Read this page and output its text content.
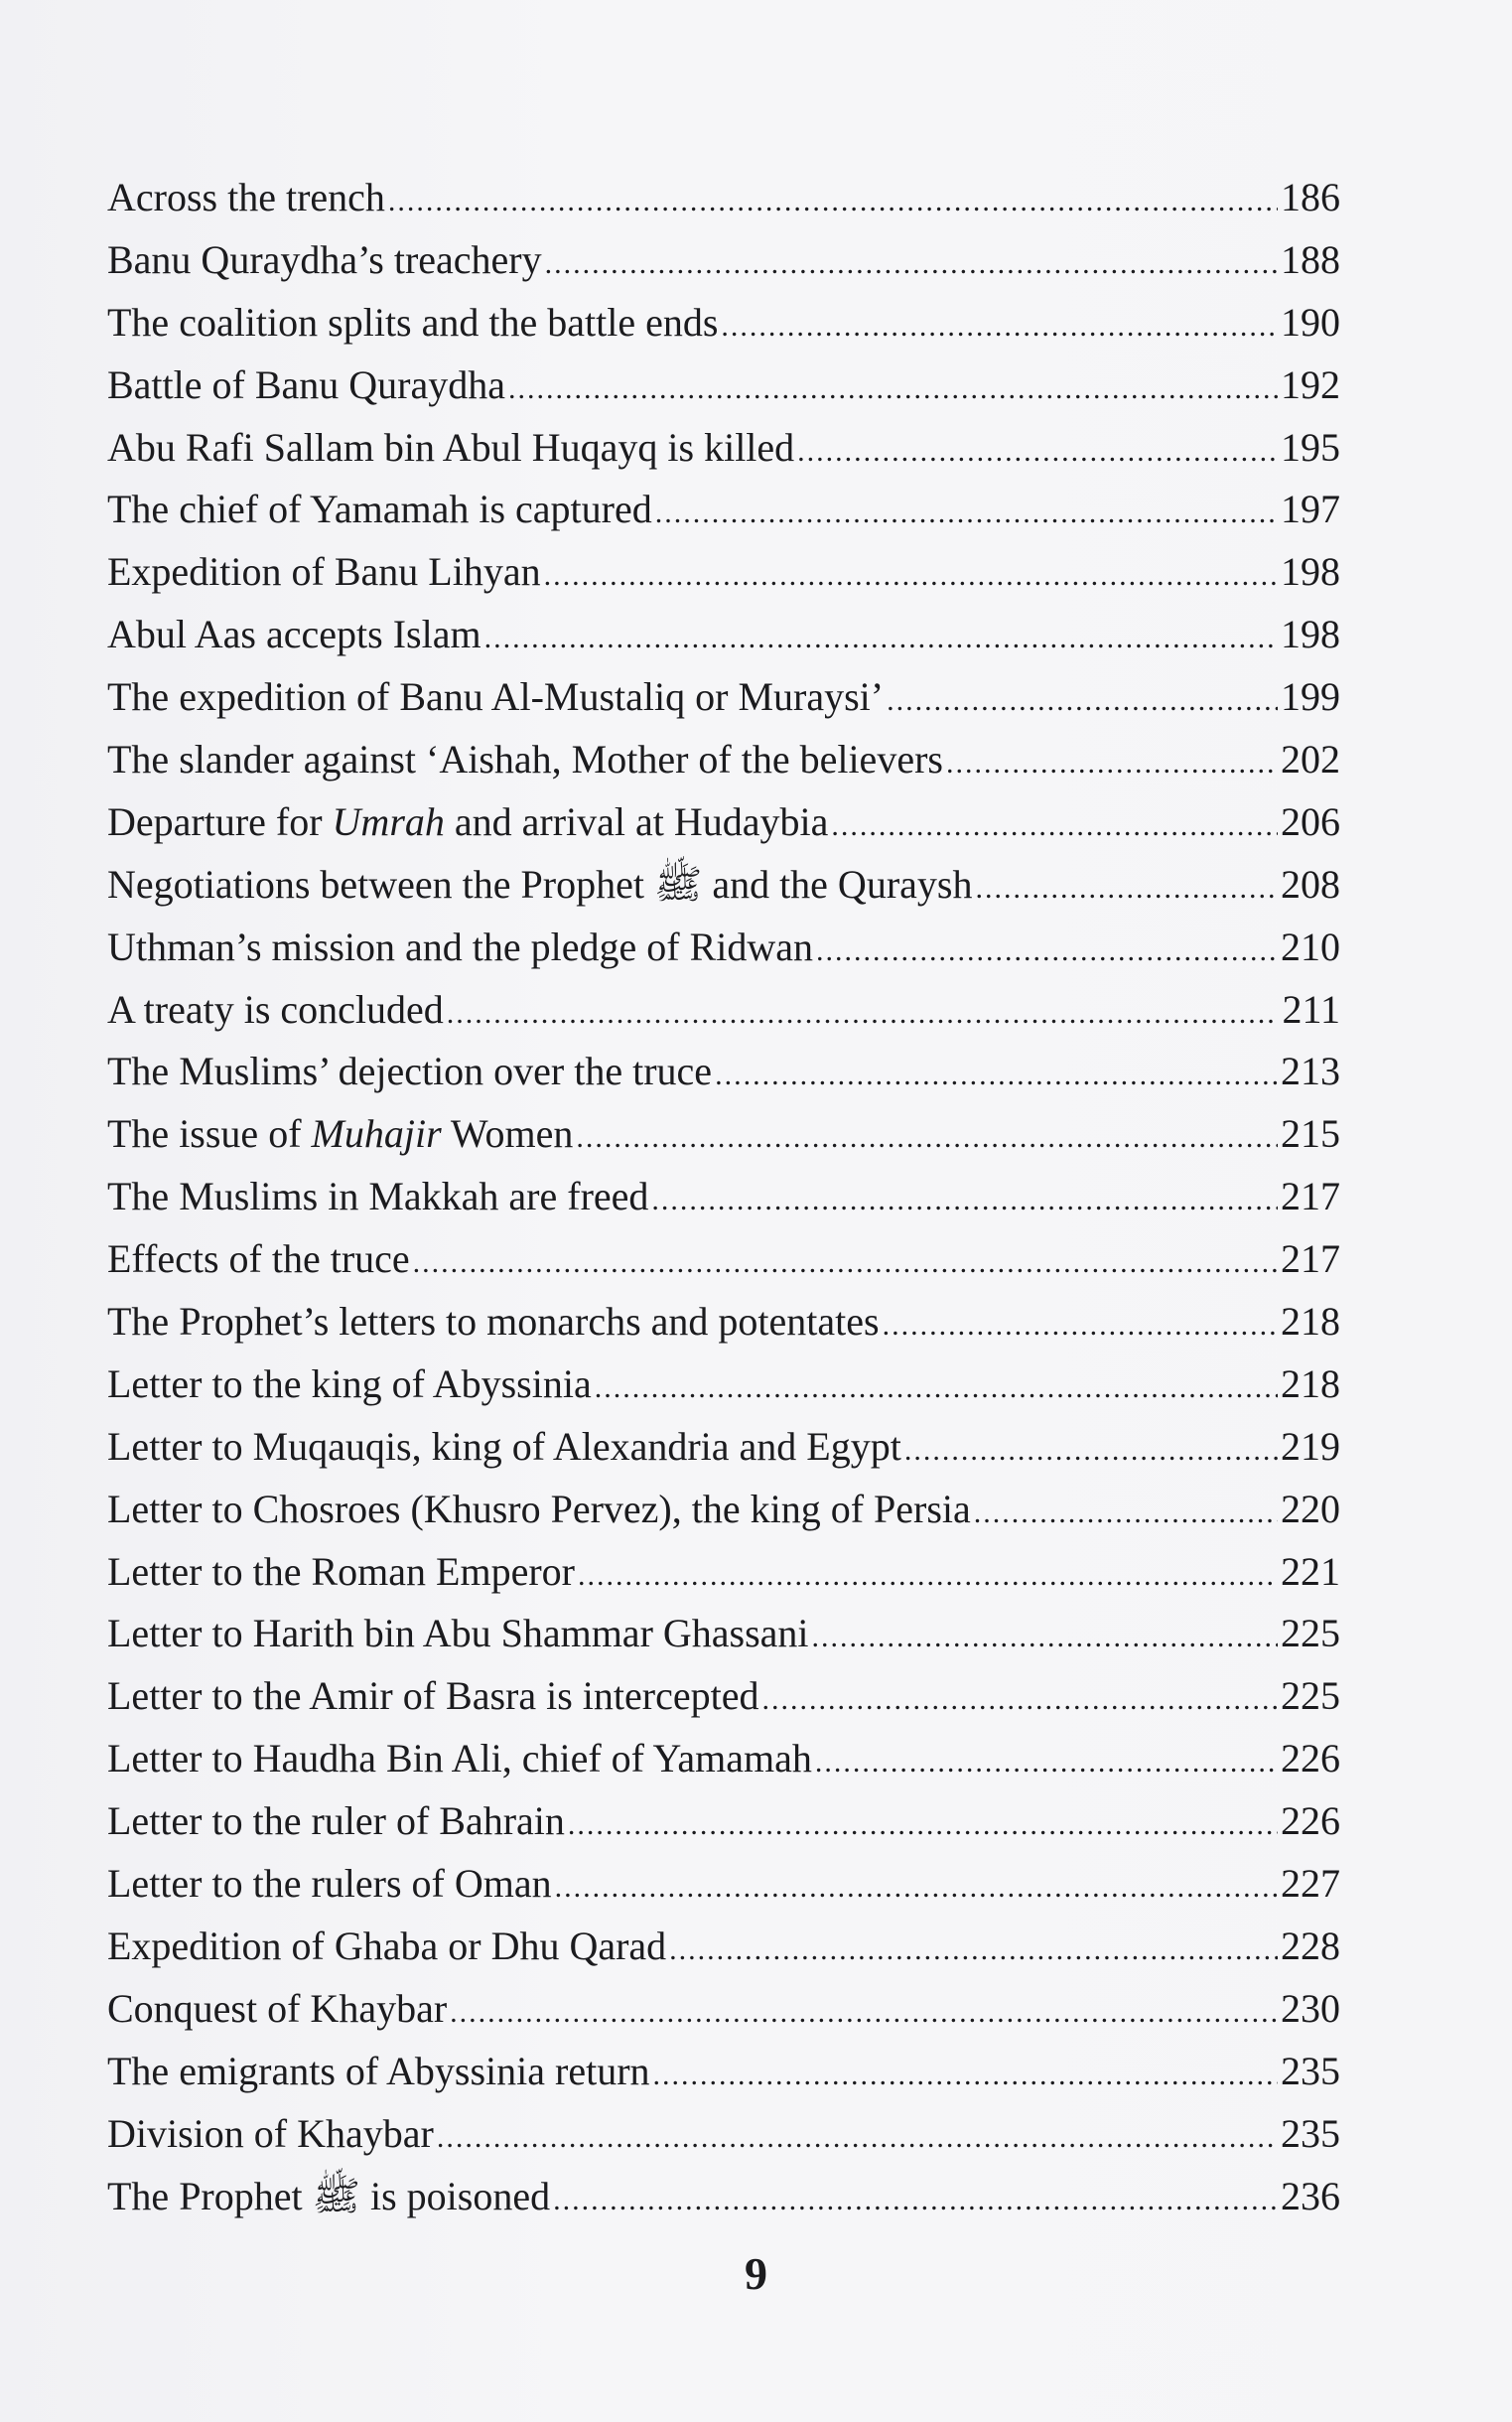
Across the trench .....	186
Banu Quraydha’s treachery .....	188
The coalition splits and the battle ends .....	190
Battle of Banu Quraydha .....	192
Abu Rafi Sallam bin Abul Huqayq is killed .....	195
The chief of Yamamah is captured .....	197
Expedition of Banu Lihyan .....	198
Abul Aas accepts Islam .....	198
The expedition of Banu Al-Mustaliq or Muraysi’ .....	199
The slander against ‘Aishah, Mother of the believers .....	202
Departure for Umrah and arrival at Hudaybia .....	206
Negotiations between the Prophet ﷺ and the Quraysh .....	208
Uthman’s mission and the pledge of Ridwan .....	210
A treaty is concluded .....	211
The Muslims’ dejection over the truce .....	213
The issue of Muhajir Women .....	215
The Muslims in Makkah are freed .....	217
Effects of the truce .....	217
The Prophet’s letters to monarchs and potentates .....	218
Letter to the king of Abyssinia .....	218
Letter to Muqauqis, king of Alexandria and Egypt .....	219
Letter to Chosroes (Khusro Pervez), the king of Persia .....	220
Letter to the Roman Emperor .....	221
Letter to Harith bin Abu Shammar Ghassani .....	225
Letter to the Amir of Basra is intercepted .....	225
Letter to Haudha Bin Ali, chief of Yamamah .....	226
Letter to the ruler of Bahrain .....	226
Letter to the rulers of Oman .....	227
Expedition of Ghaba or Dhu Qarad .....	228
Conquest of Khaybar .....	230
The emigrants of Abyssinia return .....	235
Division of Khaybar .....	235
The Prophet ﷺ is poisoned .....	236
9
